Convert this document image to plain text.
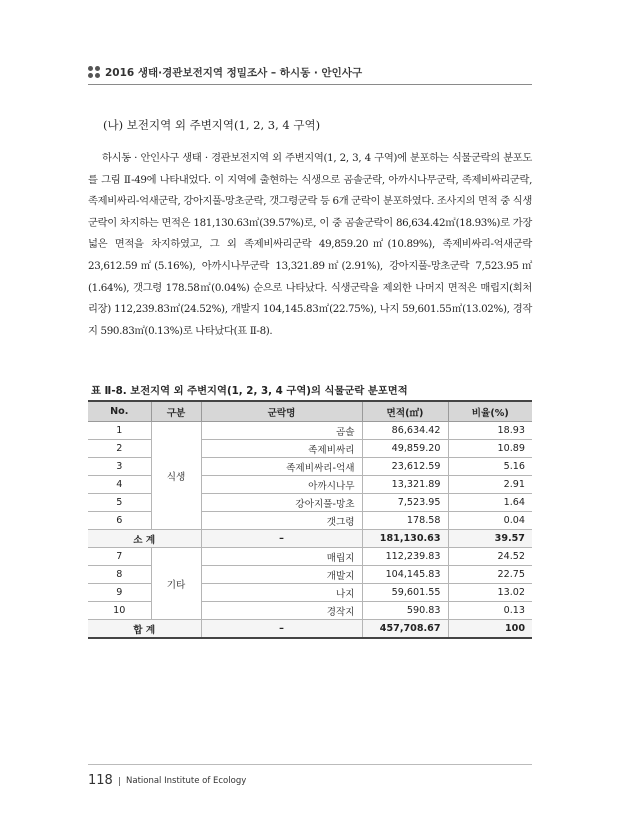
2016 생태·경관보전지역 정밀조사 – 하시동 · 안인사구
(나) 보전지역 외 주변지역(1, 2, 3, 4 구역)
하시동 · 안인사구 생태 · 경관보전지역 외 주변지역(1, 2, 3, 4 구역)에 분포하는 식물군락의 분포도를 그림 Ⅱ-49에 나타내었다. 이 지역에 출현하는 식생으로 곰솔군락, 아까시나무군락, 족제비싸리군락, 족제비싸리-억새군락, 강아지풀-망초군락, 갯그령군락 등 6개 군락이 분포하였다. 조사지의 면적 중 식생군락이 차지하는 면적은 181,130.63㎡(39.57%)로, 이 중 곰솔군락이 86,634.42㎡(18.93%)로 가장 넓은 면적을 차지하였고, 그 외 족제비싸리군락 49,859.20㎡(10.89%), 족제비싸리-억새군락 23,612.59㎡(5.16%), 아까시나무군락 13,321.89㎡(2.91%), 강아지풀-망초군락 7,523.95㎡(1.64%), 갯그령 178.58㎡(0.04%) 순으로 나타났다. 식생군락을 제외한 나머지 면적은 매립지(회처리장) 112,239.83㎡(24.52%), 개발지 104,145.83㎡(22.75%), 나지 59,601.55㎡(13.02%), 경작지 590.83㎡(0.13%)로 나타났다(표 Ⅱ-8).
표 Ⅱ-8. 보전지역 외 주변지역(1, 2, 3, 4 구역)의 식물군락 분포면적
No.	구분	군락명	면적(㎡)	비율(%)
1	식생	곰솔	86,634.42	18.93
2		족제비싸리	49,859.20	10.89
3		족제비싸리-억새	23,612.59	5.16
4		아까시나무	13,321.89	2.91
5		강아지풀-망초	7,523.95	1.64
6		갯그령	178.58	0.04
소 계		–	181,130.63	39.57
7	기타	매립지	112,239.83	24.52
8		개발지	104,145.83	22.75
9		나지	59,601.55	13.02
10		경작지	590.83	0.13
합 계		–	457,708.67	100
118 National Institute of Ecology
